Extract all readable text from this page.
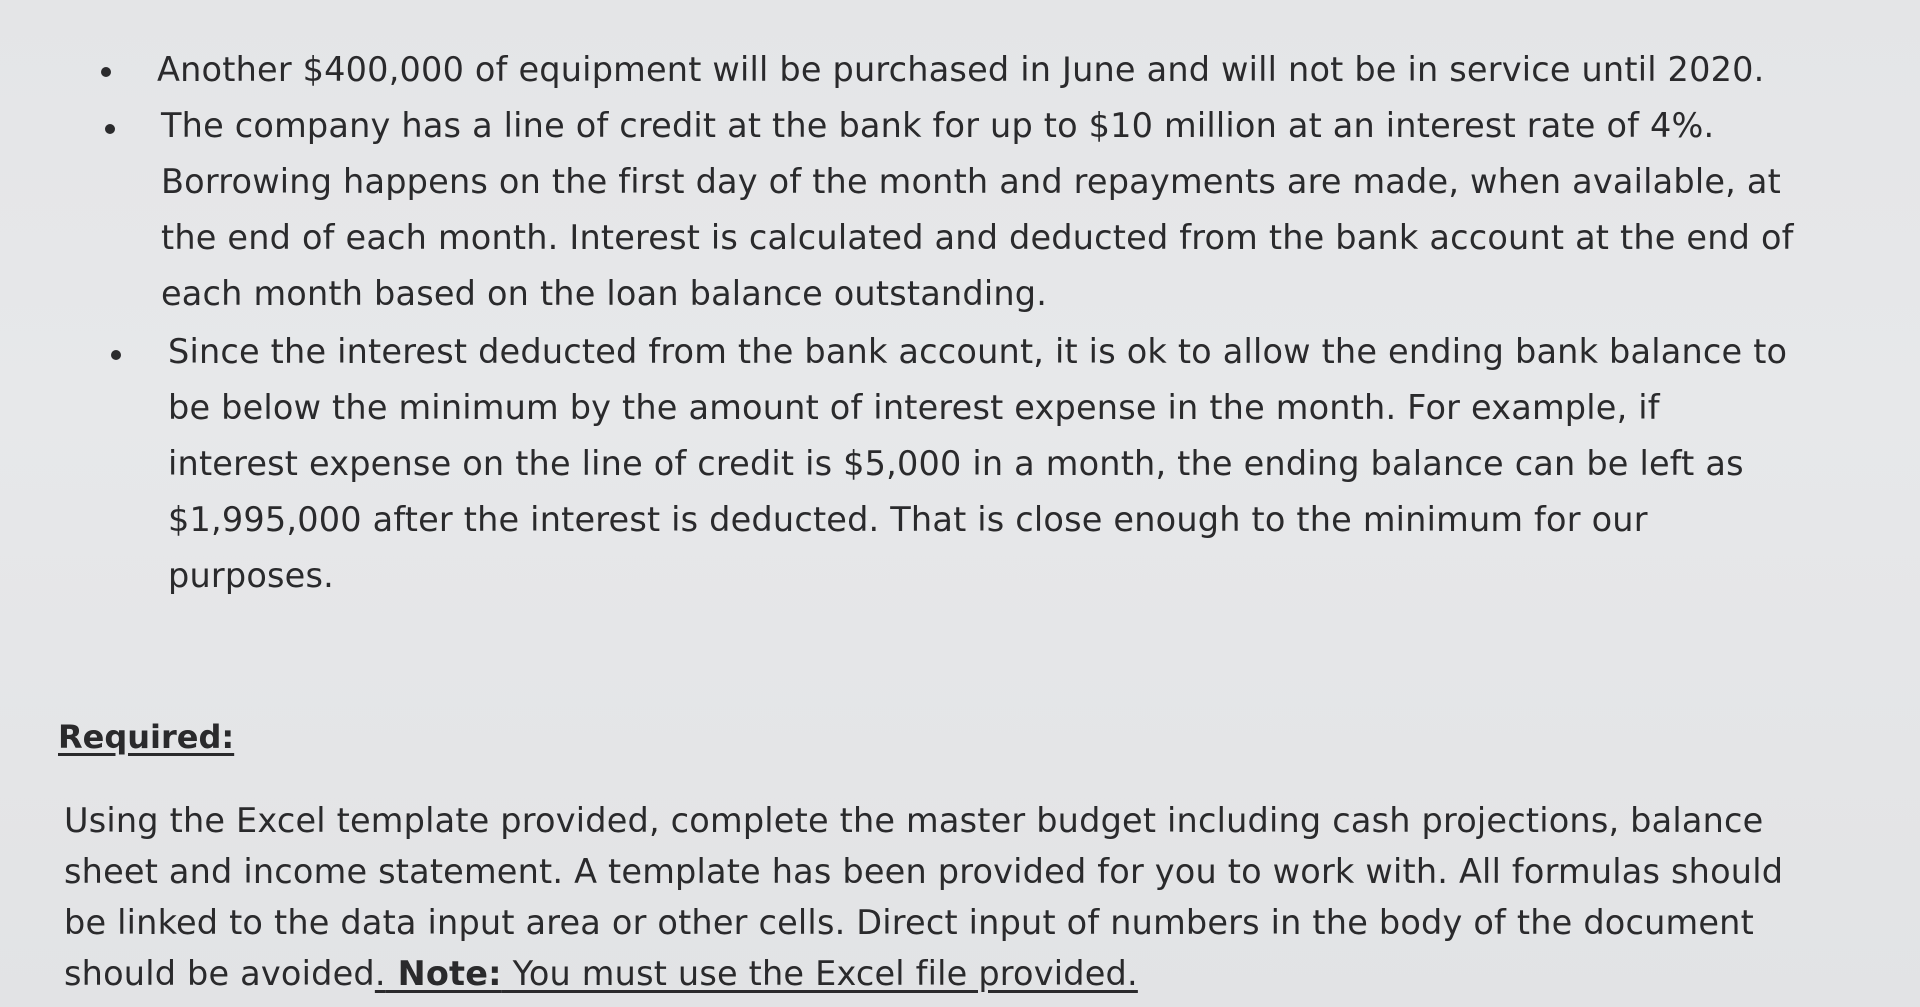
Another $400,000 of equipment will be purchased in June and will not be in service until 2020.
The company has a line of credit at the bank for up to $10 million at an interest rate of 4%.
Borrowing happens on the first day of the month and repayments are made, when available, at
the end of each month. Interest is calculated and deducted from the bank account at the end of
each month based on the loan balance outstanding.
Since the interest deducted from the bank account, it is ok to allow the ending bank balance to
be below the minimum by the amount of interest expense in the month. For example, if
interest expense on the line of credit is $5,000 in a month, the ending balance can be left as
$1,995,000 after the interest is deducted. That is close enough to the minimum for our
purposes.
Required:
Using the Excel template provided, complete the master budget including cash projections, balance
sheet and income statement. A template has been provided for you to work with. All formulas should
be linked to the data input area or other cells. Direct input of numbers in the body of the document
should be avoided. Note: You must use the Excel file provided.
